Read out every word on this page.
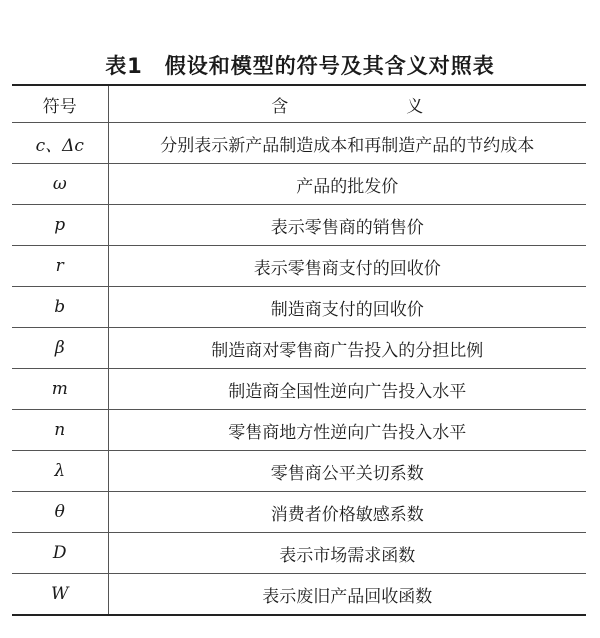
表1　假设和模型的符号及其含义对照表
符号	含 义
c、Δc	分别表示新产品制造成本和再制造产品的节约成本
ω	产品的批发价
p	表示零售商的销售价
r	表示零售商支付的回收价
b	制造商支付的回收价
β	制造商对零售商广告投入的分担比例
m	制造商全国性逆向广告投入水平
n	零售商地方性逆向广告投入水平
λ	零售商公平关切系数
θ	消费者价格敏感系数
D	表示市场需求函数
W	表示废旧产品回收函数
